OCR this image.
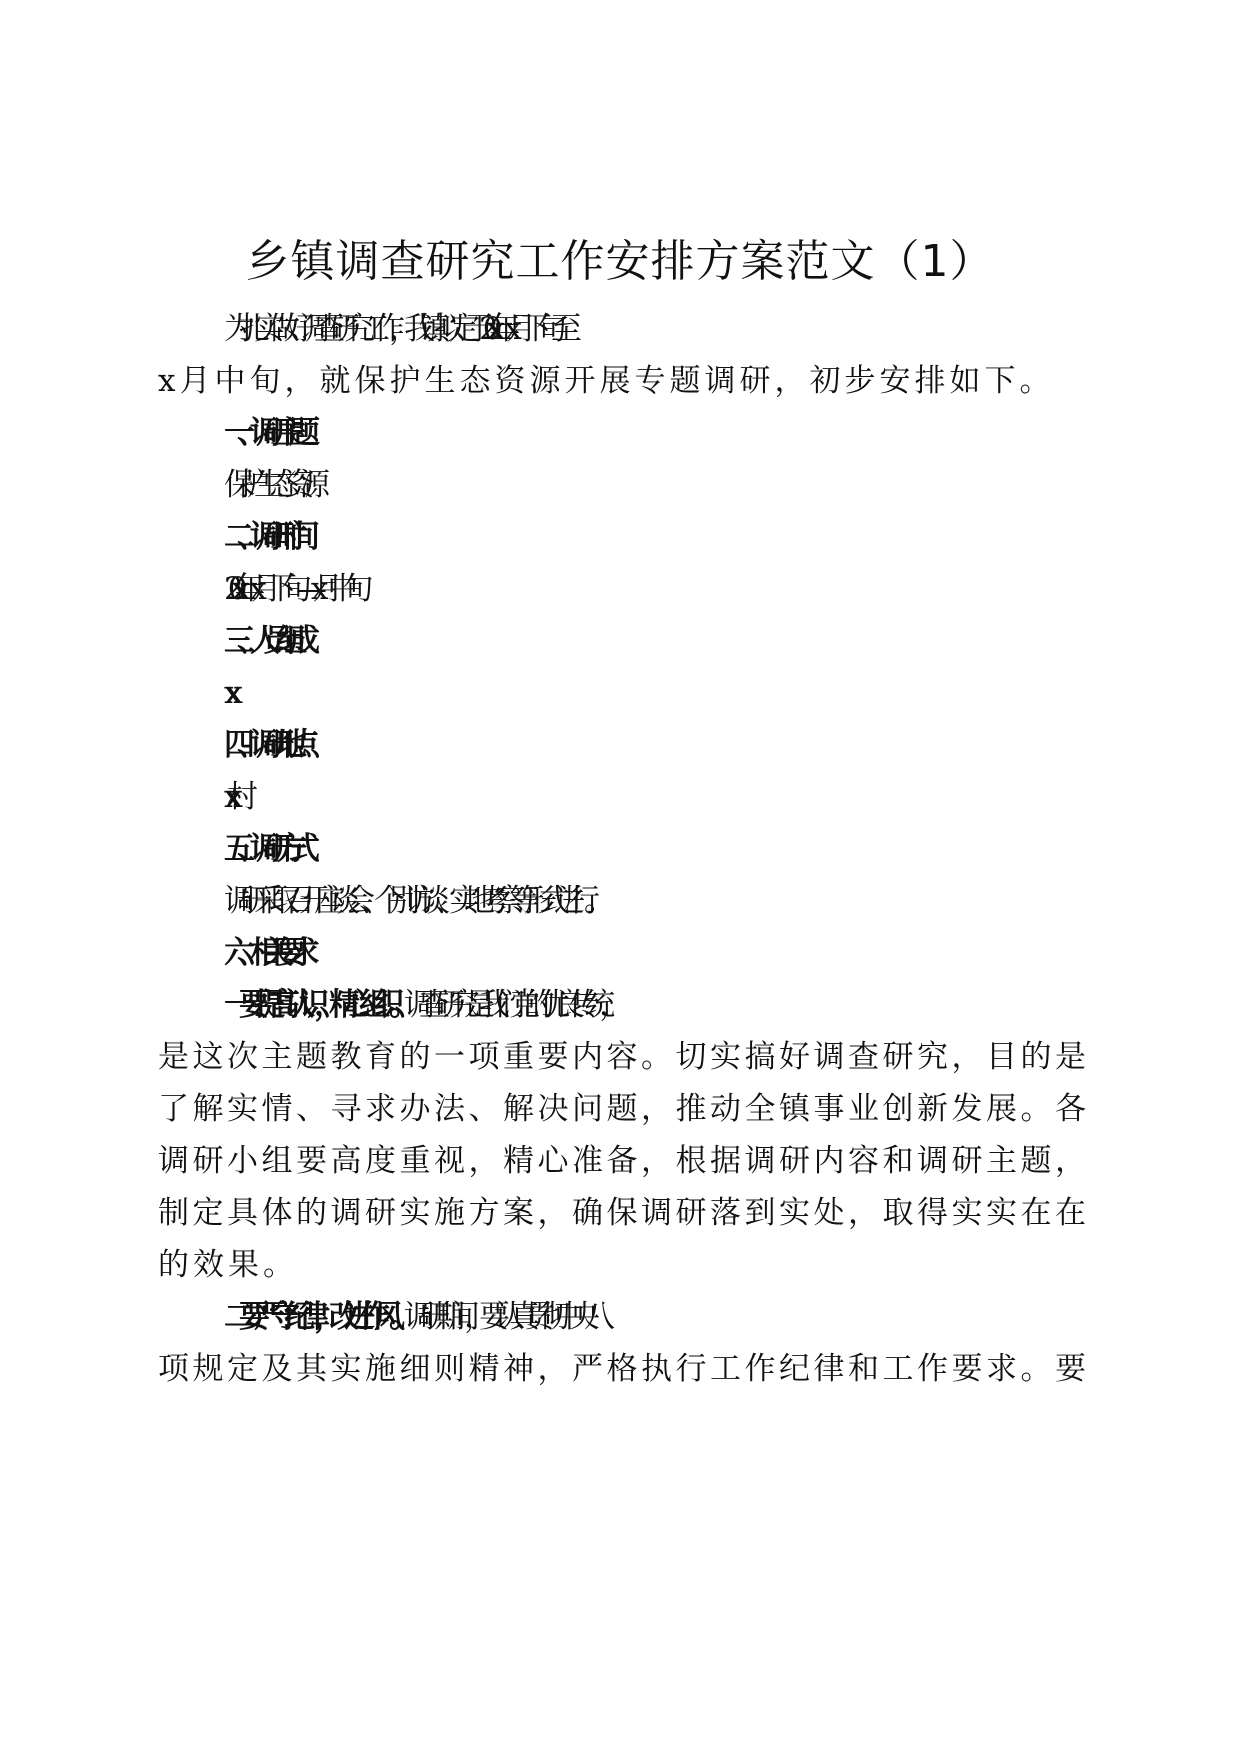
乡镇调查研究工作安排方案范文（1）

为扎实做好调查研究工作，我镇拟定于20xx年x月下旬至

x月中旬，就保护生态资源开展专题调研，初步安排如下。

一、调研主题

保护生态资源

二、调研时间

20xx年x月下旬—x月中旬

三、人员组成

xx

四、调研地点

xx村

五、调研方式

调研采取召开座谈会、个别访谈、实地考察等形式进行。

六、相关要求

一要提高认识，精心组织。调查研究是我们党的优良传统，

是这次主题教育的一项重要内容。切实搞好调查研究，目的是

了解实情、寻求办法、解决问题，推动全镇事业创新发展。各

调研小组要高度重视，精心准备，根据调研内容和调研主题，

制定具体的调研实施方案，确保调研落到实处，取得实实在在

的效果。

二要严守纪律，改进作风。调研期间，要认真贯彻中央八

项规定及其实施细则精神，严格执行工作纪律和工作要求。要
